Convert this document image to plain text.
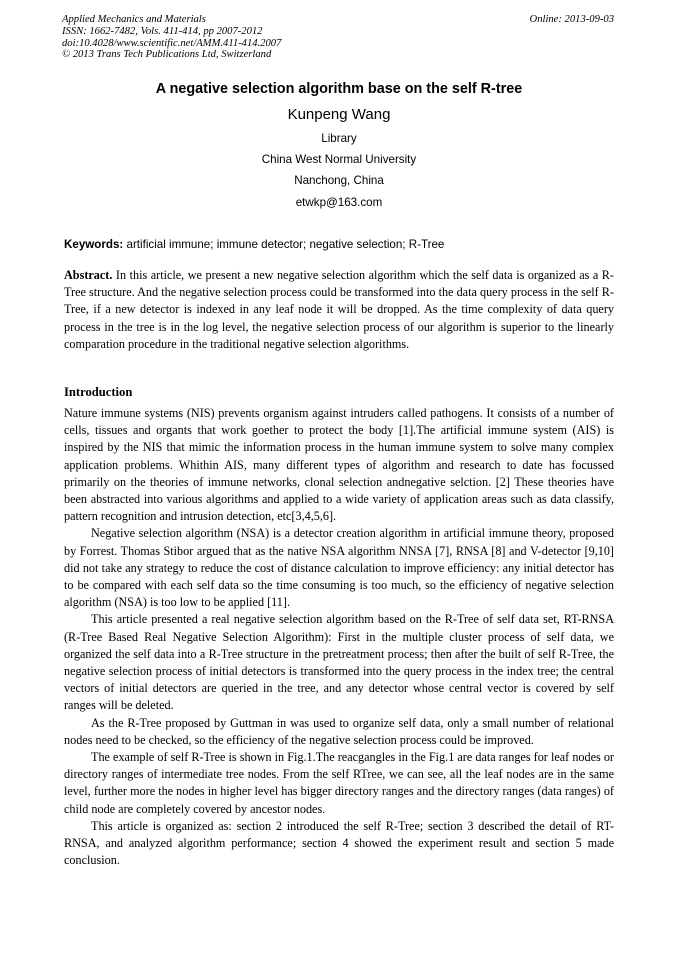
Applied Mechanics and Materials
ISSN: 1662-7482, Vols. 411-414, pp 2007-2012
doi:10.4028/www.scientific.net/AMM.411-414.2007
© 2013 Trans Tech Publications Ltd, Switzerland
Online: 2013-09-03
A negative selection algorithm base on the self R-tree
Kunpeng Wang
Library
China West Normal University
Nanchong, China
etwkp@163.com
Keywords: artificial immune; immune detector; negative selection; R-Tree
Abstract. In this article, we present a new negative selection algorithm which the self data is organized as a R-Tree structure. And the negative selection process could be transformed into the data query process in the self R-Tree, if a new detector is indexed in any leaf node it will be dropped. As the time complexity of data query process in the tree is in the log level, the negative selection process of our algorithm is superior to the linearly comparation procedure in the traditional negative selection algorithms.
Introduction

Nature immune systems (NIS) prevents organism against intruders called pathogens. It consists of a number of cells, tissues and organts that work goether to protect the body [1].The artificial immune system (AIS) is inspired by the NIS that mimic the information process in the human immune system to solve many complex application problems. Whithin AIS, many different types of algorithm and research to date has focussed primarily on the theories of immune networks, clonal selection andnegative selction. [2] These theories have been abstracted into various algorithms and applied to a wide variety of application areas such as data classify, pattern recognition and intrusion detection, etc[3,4,5,6].

Negative selection algorithm (NSA) is a detector creation algorithm in artificial immune theory, proposed by Forrest. Thomas Stibor argued that as the native NSA algorithm NNSA [7], RNSA [8] and V-detector [9,10] did not take any strategy to reduce the cost of distance calculation to improve efficiency: any initial detector has to be compared with each self data so the time consuming is too much, so the efficiency of negative selection algorithm (NSA) is too low to be applied [11].

This article presented a real negative selection algorithm based on the R-Tree of self data set, RT-RNSA (R-Tree Based Real Negative Selection Algorithm): First in the multiple cluster process of self data, we organized the self data into a R-Tree structure in the pretreatment process; then after the built of self R-Tree, the negative selection process of initial detectors is transformed into the query process in the index tree; the central vectors of initial detectors are queried in the tree, and any detector whose central vector is covered by self ranges will be deleted.

As the R-Tree proposed by Guttman in was used to organize self data, only a small number of relational nodes need to be checked, so the efficiency of the negative selection process could be improved.

The example of self R-Tree is shown in Fig.1.The reacgangles in the Fig.1 are data ranges for leaf nodes or directory ranges of intermediate tree nodes. From the self RTree, we can see, all the leaf nodes are in the same level, further more the nodes in higher level has bigger directory ranges and the directory ranges (data ranges) of child node are completely covered by ancestor nodes.

This article is organized as: section 2 introduced the self R-Tree; section 3 described the detail of RT-RNSA, and analyzed algorithm performance; section 4 showed the experiment result and section 5 made conclusion.
